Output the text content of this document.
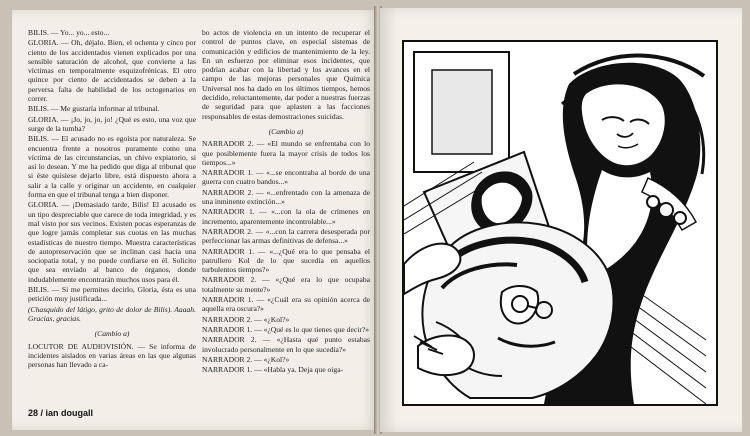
BILIS. — Yo... yo... esto...

GLORIA. — Oh, déjalo. Bien, el ochenta y cinco por ciento de los accidentados vienen explicados por una sensible saturación de alcohol, que convierte a las víctimas en temporalmente esquizofrénicas. El otro quince por ciento de accidentados se deben a la perversa falta de habilidad de los octogenarios en correr.

BILIS. — Me gustaría informar al tribunal.

GLORIA. — ¡Jo, jo, jo, jo! ¿Qué es esto, una voz que surge de la tumba?

BILIS. — El acusado no es egoísta por naturaleza. Se encuentra frente a nosotros puramente como una víctima de las circunstancias, un chivo expiatorio, si así lo desean. Y me ha pedido que diga al tribunal que si éste quisiese dejarlo libre, está dispuesto ahora a salir a la calle y originar un accidente, en cualquier forma en que el tribunal tenga a bien disponer.

GLORIA. — ¡Demasiado tarde, Bilis! El acusado es un tipo despreciable que carece de toda integridad, y es mal visto por sus vecinos. Existen pocas esperanzas de que logre jamás completar sus cuotas en las muchas estadísticas de nuestro tiempo. Muestra características de autopreservación que se inclinan casi hacia una sociopatía total, y no puede confiarse en él. Solicito que sea enviado al banco de órganos, donde indudablemente encontrarán muchos usos para él.

BILIS. — Si me permites decirlo, Gloria, ésta es una petición muy justificada...

(Chasquido del látigo, grito de dolor de Bilis). Aaaah. Gracias, gracias.

(Cambio a)

LOCUTOR DE AUDIOVISIÓN. — Se informa de incidentes aislados en varias áreas en las que algunas personas han llevado a ca-

bo actos de violencia en un intento de recuperar el control de puntos clave, en especial sistemas de comunicación y edificios de mantenimiento de la ley. En un esfuerzo por eliminar esos incidentes, que podrían acabar con la libertad y los avances en el campo de las mejoras personales que Química Universal nos ha dado en los últimos tiempos, hemos decidido, reluctantemente, dar poder a nuestras fuerzas de seguridad para que aplasten a las facciones responsables de estas demostraciones suicidas.

(Cambio a)

NARRADOR 2. — «El mundo se enfrentaba con lo que posiblemente fuera la mayor crisis de todos los tiempos...»

NARRADOR 1. — «...se encontraba al borde de una guerra con cuatro bandos...»

NARRADOR 2. — «...enfrentado con la amenaza de una inminente extinción...»

NARRADOR 1. — «...con la ola de crímenes en incremento, aparentemente incontrolable...»

NARRADOR 2. — «...con la carrera desesperada por perfeccionar las armas definitivas de defensa...»

NARRADOR 1. — «...¿Qué era lo que pensaba el patrullero Kol de lo que sucedía en aquellos turbulentos tiempos?»

NARRADOR 2. — «¿Qué era lo que ocupaba totalmente su mente?»

NARRADOR 1. — «¿Cuál era su opinión acerca de aquella era oscura?»

NARRADOR 2. — «¿Kol?»

NARRADOR 1. — «¿Qué es lo que tienes que decir?»

NARRADOR 2. — «¿Hasta qué punto estabas involucrado personalmente en lo que sucedía?»

NARRADOR 2. — «¿Kol?»

NARRADOR 1. — «Habla ya. Deja que oiga-

28 / ian dougall
